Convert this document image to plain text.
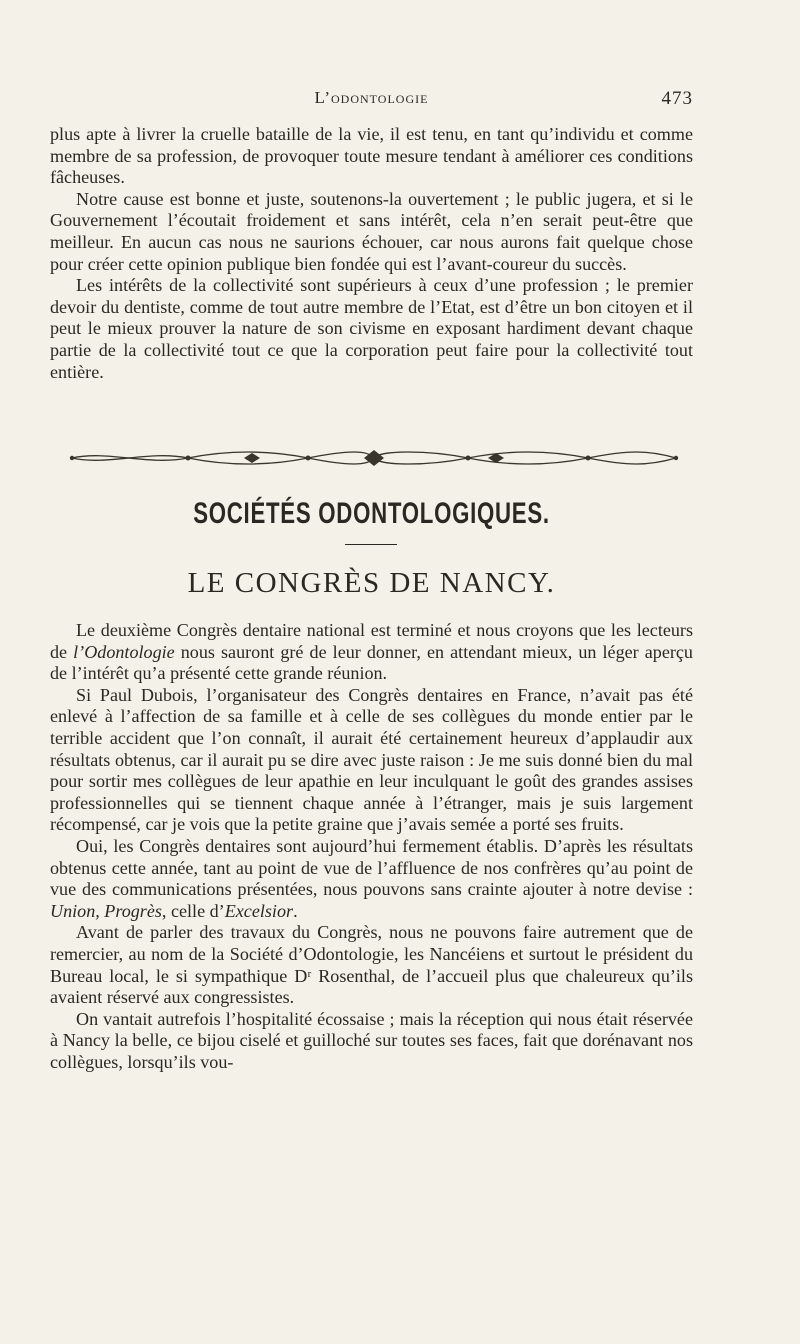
L’odontologie	473

plus apte à livrer la cruelle bataille de la vie, il est tenu, en tant qu’individu et comme membre de sa profession, de provoquer toute mesure tendant à améliorer ces conditions fâcheuses.

Notre cause est bonne et juste, soutenons-la ouvertement ; le public jugera, et si le Gouvernement l’écoutait froidement et sans intérêt, cela n’en serait peut-être que meilleur. En aucun cas nous ne saurions échouer, car nous aurons fait quelque chose pour créer cette opinion publique bien fondée qui est l’avant-coureur du succès.

Les intérêts de la collectivité sont supérieurs à ceux d’une profession ; le premier devoir du dentiste, comme de tout autre membre de l’Etat, est d’être un bon citoyen et il peut le mieux prouver la nature de son civisme en exposant hardiment devant chaque partie de la collectivité tout ce que la corporation peut faire pour la collectivité tout entière.

SOCIÉTÉS ODONTOLOGIQUES.
LE CONGRÈS DE NANCY.

Le deuxième Congrès dentaire national est terminé et nous croyons que les lecteurs de l’Odontologie nous sauront gré de leur donner, en attendant mieux, un léger aperçu de l’intérêt qu’a présenté cette grande réunion.

Si Paul Dubois, l’organisateur des Congrès dentaires en France, n’avait pas été enlevé à l’affection de sa famille et à celle de ses collègues du monde entier par le terrible accident que l’on connaît, il aurait été certainement heureux d’applaudir aux résultats obtenus, car il aurait pu se dire avec juste raison : Je me suis donné bien du mal pour sortir mes collègues de leur apathie en leur inculquant le goût des grandes assises professionnelles qui se tiennent chaque année à l’étranger, mais je suis largement récompensé, car je vois que la petite graine que j’avais semée a porté ses fruits.

Oui, les Congrès dentaires sont aujourd’hui fermement établis. D’après les résultats obtenus cette année, tant au point de vue de l’affluence de nos confrères qu’au point de vue des communications présentées, nous pouvons sans crainte ajouter à notre devise : Union, Progrès, celle d’Excelsior.

Avant de parler des travaux du Congrès, nous ne pouvons faire autrement que de remercier, au nom de la Société d’Odontologie, les Nancéiens et surtout le président du Bureau local, le si sympathique Dʳ Rosenthal, de l’accueil plus que chaleureux qu’ils avaient réservé aux congressistes.

On vantait autrefois l’hospitalité écossaise ; mais la réception qui nous était réservée à Nancy la belle, ce bijou ciselé et guilloché sur toutes ses faces, fait que dorénavant nos collègues, lorsqu’ils vou-
